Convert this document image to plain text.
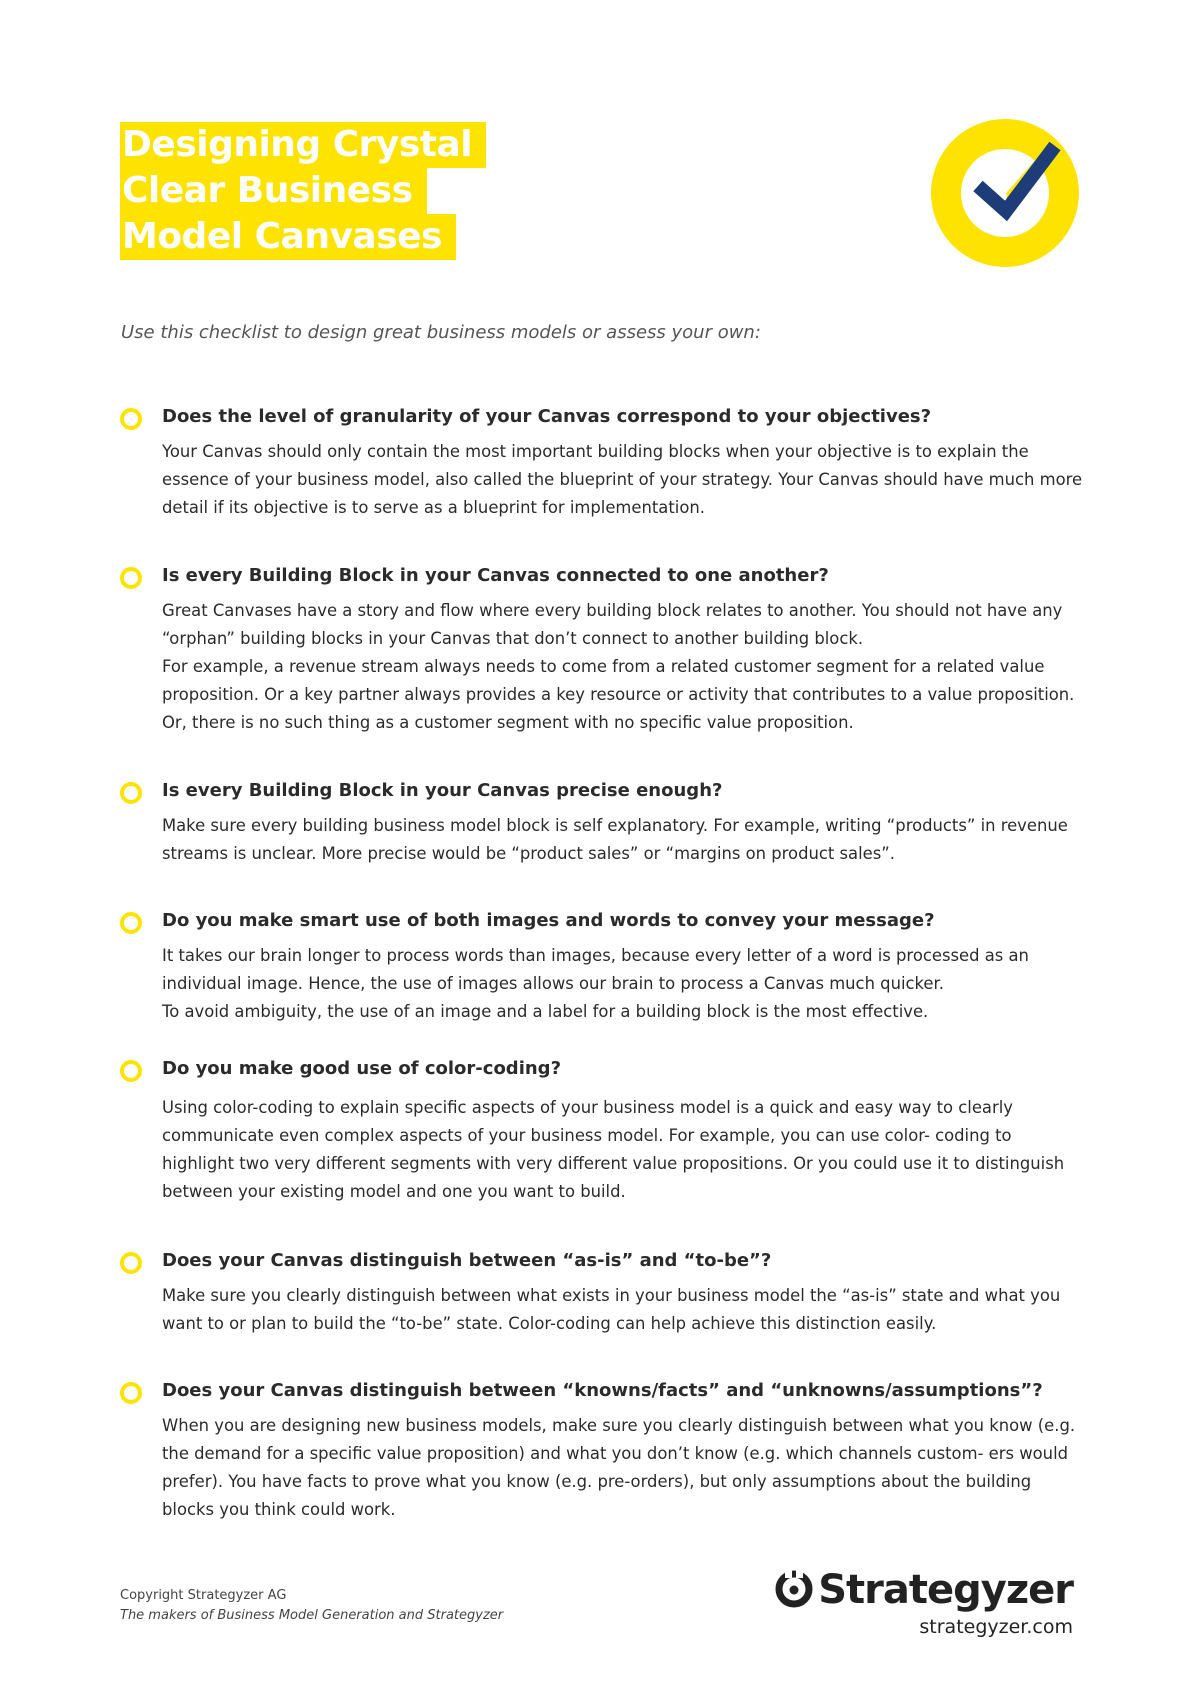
Designing Crystal
Clear Business
Model Canvases

Use this checklist to design great business models or assess your own:

Does the level of granularity of your Canvas correspond to your objectives?

Your Canvas should only contain the most important building blocks when your objective is to explain the essence of your business model, also called the blueprint of your strategy. Your Canvas should have much more detail if its objective is to serve as a blueprint for implementation.

Is every Building Block in your Canvas connected to one another?

Great Canvases have a story and flow where every building block relates to another. You should not have any “orphan” building blocks in your Canvas that don’t connect to another building block.

For example, a revenue stream always needs to come from a related customer segment for a related value proposition. Or a key partner always provides a key resource or activity that contributes to a value proposition. Or, there is no such thing as a customer segment with no specific value proposition.

Is every Building Block in your Canvas precise enough?

Make sure every building business model block is self explanatory. For example, writing “products” in revenue streams is unclear. More precise would be “product sales” or “margins on product sales”.

Do you make smart use of both images and words to convey your message?

It takes our brain longer to process words than images, because every letter of a word is processed as an individual image. Hence, the use of images allows our brain to process a Canvas much quicker.

To avoid ambiguity, the use of an image and a label for a building block is the most effective.

Do you make good use of color-coding?

Using color-coding to explain specific aspects of your business model is a quick and easy way to clearly communicate even complex aspects of your business model. For example, you can use color- coding to highlight two very different segments with very different value propositions. Or you could use it to distinguish between your existing model and one you want to build.

Does your Canvas distinguish between “as-is” and “to-be”?

Make sure you clearly distinguish between what exists in your business model the “as-is” state and what you want to or plan to build the “to-be” state. Color-coding can help achieve this distinction easily.

Does your Canvas distinguish between “knowns/facts” and “unknowns/assumptions”?

When you are designing new business models, make sure you clearly distinguish between what you know (e.g. the demand for a specific value proposition) and what you don’t know (e.g. which channels custom- ers would prefer). You have facts to prove what you know (e.g. pre-orders), but only assumptions about the building blocks you think could work.

Copyright Strategyzer AG
The makers of Business Model Generation and Strategyzer
Strategyzer
strategyzer.com
